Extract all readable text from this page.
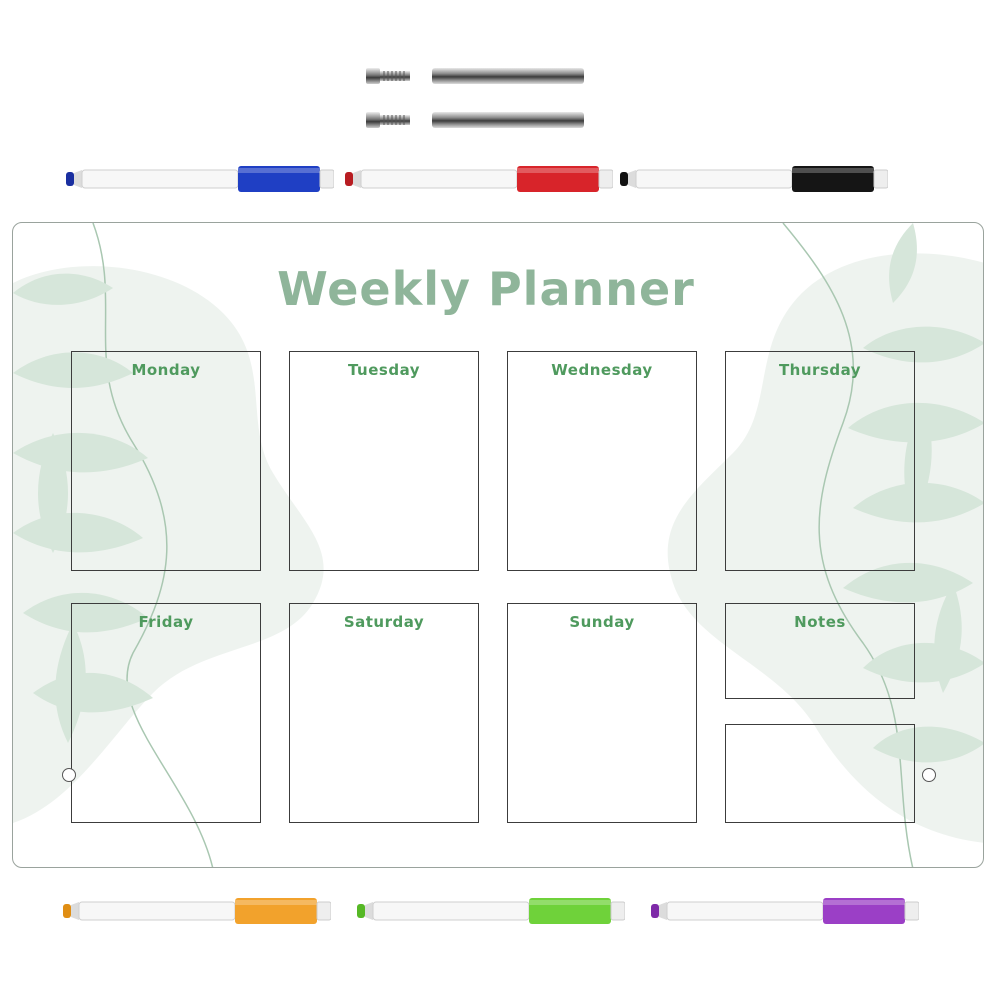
Weekly Planner
Monday	Tuesday	Wednesday	Thursday
Friday	Saturday	Sunday	Notes
